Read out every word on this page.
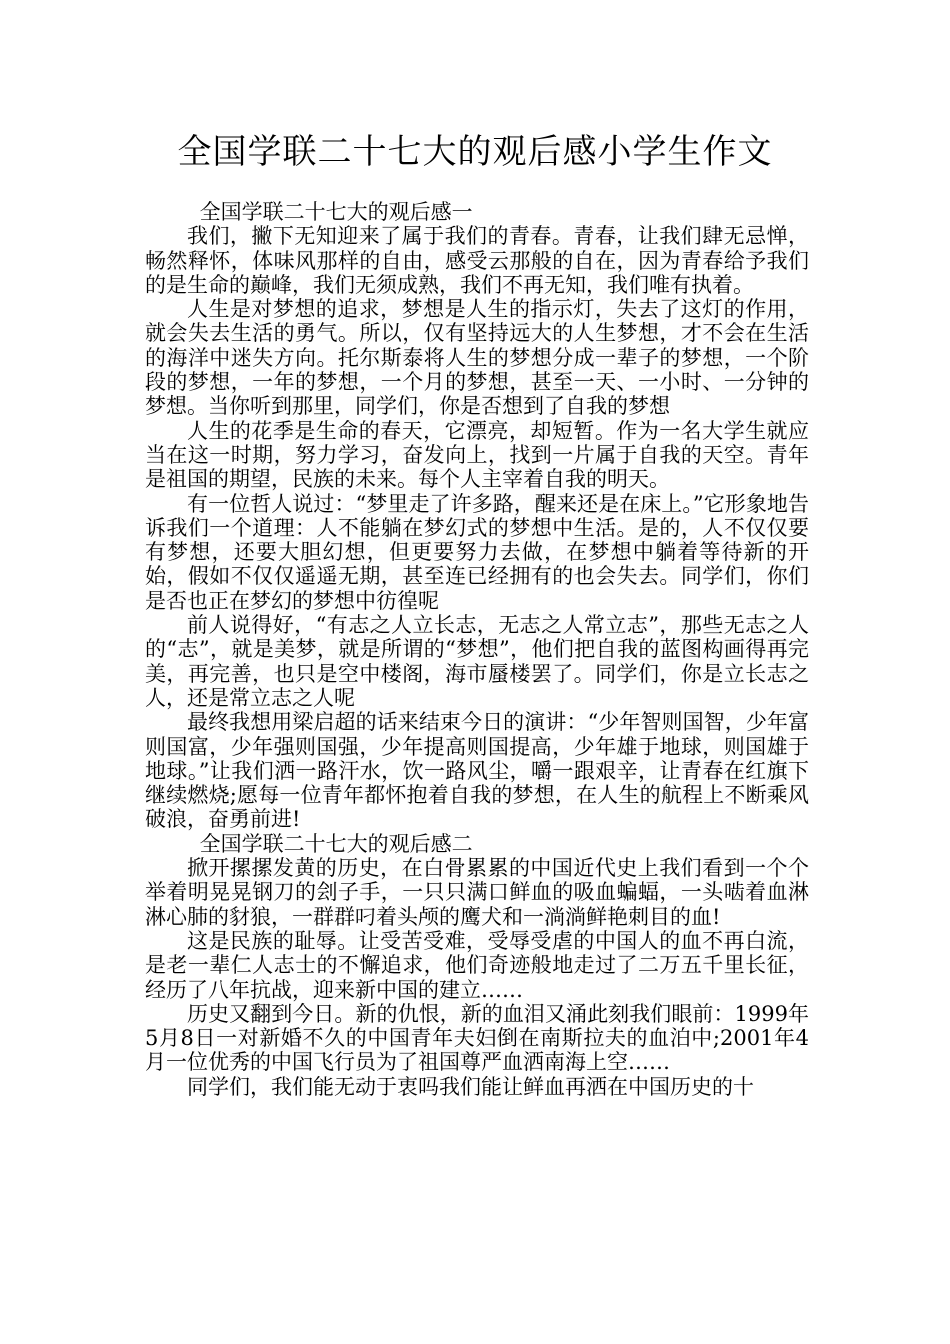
全国学联二十七大的观后感小学生作文

全国学联二十七大的观后感一

我们，撇下无知迎来了属于我们的青春。青春，让我们肆无忌惮，畅然释怀，体味风那样的自由，感受云那般的自在，因为青春给予我们的是生命的巅峰，我们无须成熟，我们不再无知，我们唯有执着。

人生是对梦想的追求，梦想是人生的指示灯，失去了这灯的作用，就会失去生活的勇气。所以，仅有坚持远大的人生梦想，才不会在生活的海洋中迷失方向。托尔斯泰将人生的梦想分成一辈子的梦想，一个阶段的梦想，一年的梦想，一个月的梦想，甚至一天、一小时、一分钟的梦想。当你听到那里，同学们，你是否想到了自我的梦想

人生的花季是生命的春天，它漂亮，却短暂。作为一名大学生就应当在这一时期，努力学习，奋发向上，找到一片属于自我的天空。青年是祖国的期望，民族的未来。每个人主宰着自我的明天。

有一位哲人说过：“梦里走了许多路，醒来还是在床上。”它形象地告诉我们一个道理：人不能躺在梦幻式的梦想中生活。是的，人不仅仅要有梦想，还要大胆幻想，但更要努力去做，在梦想中躺着等待新的开始，假如不仅仅遥遥无期，甚至连已经拥有的也会失去。同学们，你们是否也正在梦幻的梦想中彷徨呢

前人说得好，“有志之人立长志，无志之人常立志”，那些无志之人的“志”，就是美梦，就是所谓的“梦想”，他们把自我的蓝图构画得再完美，再完善，也只是空中楼阁，海市蜃楼罢了。同学们，你是立长志之人，还是常立志之人呢

最终我想用梁启超的话来结束今日的演讲：“少年智则国智，少年富则国富，少年强则国强，少年提高则国提高，少年雄于地球，则国雄于地球。”让我们洒一路汗水，饮一路风尘，嚼一跟艰辛，让青春在红旗下继续燃烧;愿每一位青年都怀抱着自我的梦想，在人生的航程上不断乘风破浪，奋勇前进!

全国学联二十七大的观后感二

掀开摞摞发黄的历史，在白骨累累的中国近代史上我们看到一个个举着明晃晃钢刀的刽子手，一只只满口鲜血的吸血蝙蝠，一头啮着血淋淋心肺的豺狼，一群群叼着头颅的鹰犬和一淌淌鲜艳刺目的血!

这是民族的耻辱。让受苦受难，受辱受虐的中国人的血不再白流，是老一辈仁人志士的不懈追求，他们奇迹般地走过了二万五千里长征，经历了八年抗战，迎来新中国的建立……

历史又翻到今日。新的仇恨，新的血泪又涌此刻我们眼前：1999年5月8日一对新婚不久的中国青年夫妇倒在南斯拉夫的血泊中;2001年4月一位优秀的中国飞行员为了祖国尊严血洒南海上空……

同学们，我们能无动于衷吗我们能让鲜血再洒在中国历史的十
